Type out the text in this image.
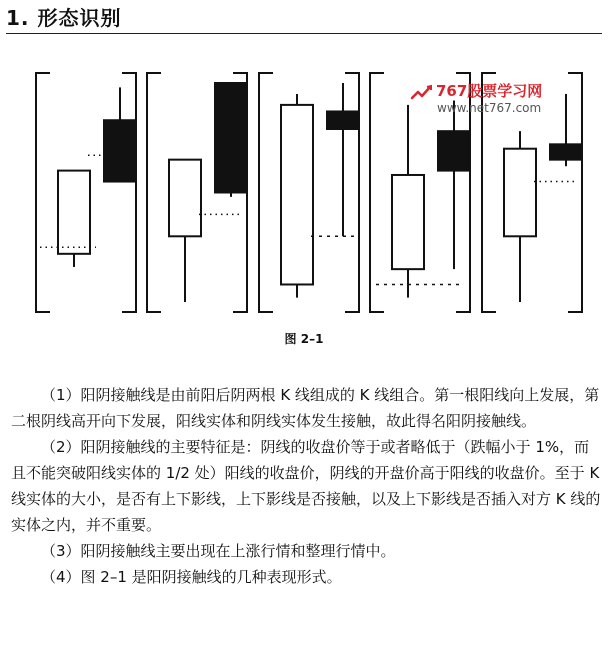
1. 形态识别
767股票学习网
www.net767.com
图 2–1

（1）阳阴接触线是由前阳后阴两根 K 线组成的 K 线组合。第一根阳线向上发展，第二根阴线高开向下发展，阳线实体和阴线实体发生接触，故此得名阳阴接触线。

（2）阳阴接触线的主要特征是：阴线的收盘价等于或者略低于（跌幅小于 1%，而且不能突破阳线实体的 1/2 处）阳线的收盘价，阴线的开盘价高于阳线的收盘价。至于 K 线实体的大小，是否有上下影线，上下影线是否接触，以及上下影线是否插入对方 K 线的实体之内，并不重要。

（3）阳阴接触线主要出现在上涨行情和整理行情中。

（4）图 2–1 是阳阴接触线的几种表现形式。
